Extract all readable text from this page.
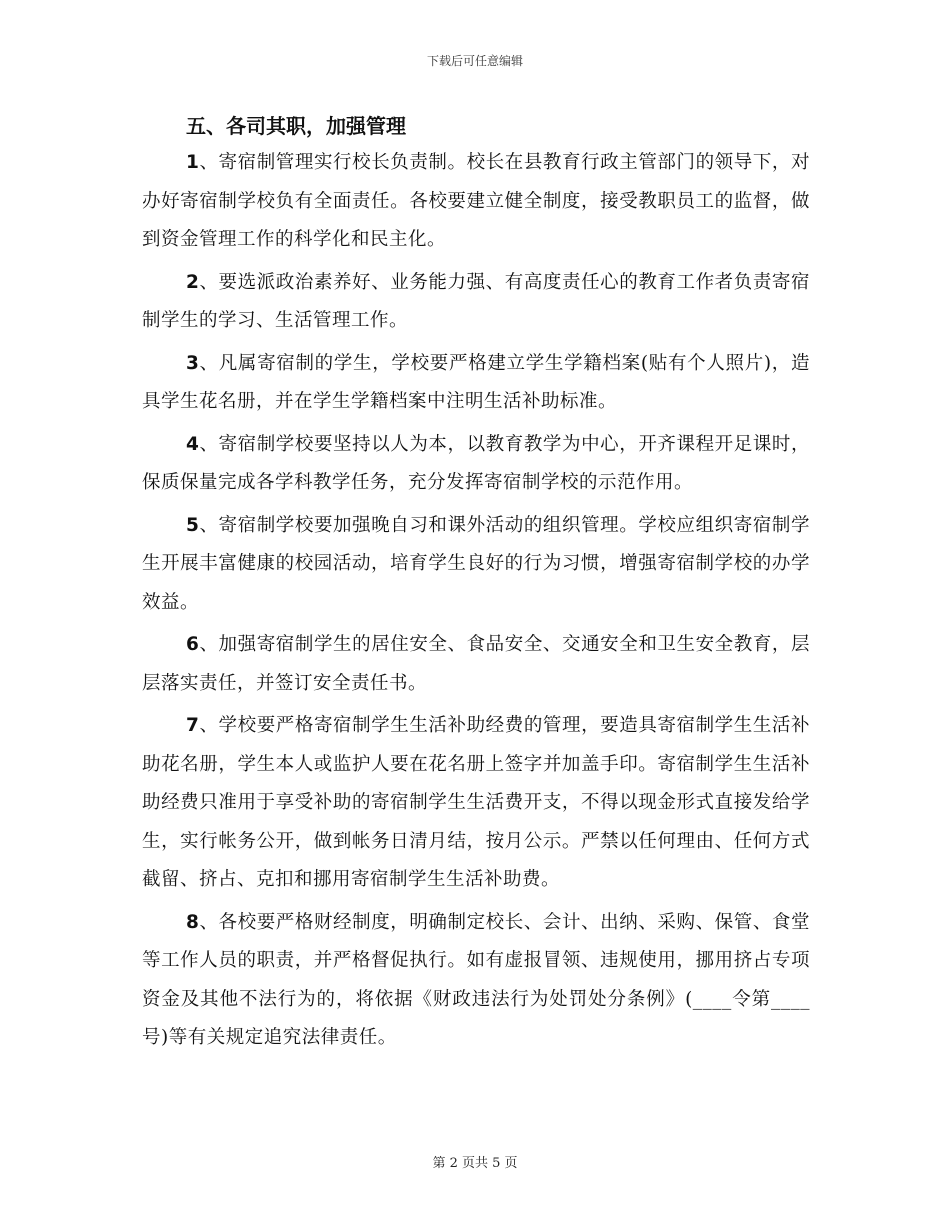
下载后可任意编辑
五、各司其职，加强管理

1、寄宿制管理实行校长负责制。校长在县教育行政主管部门的领导下，对办好寄宿制学校负有全面责任。各校要建立健全制度，接受教职员工的监督，做到资金管理工作的科学化和民主化。

2、要选派政治素养好、业务能力强、有高度责任心的教育工作者负责寄宿制学生的学习、生活管理工作。

3、凡属寄宿制的学生，学校要严格建立学生学籍档案(贴有个人照片)，造具学生花名册，并在学生学籍档案中注明生活补助标准。

4、寄宿制学校要坚持以人为本，以教育教学为中心，开齐课程开足课时，保质保量完成各学科教学任务，充分发挥寄宿制学校的示范作用。

5、寄宿制学校要加强晚自习和课外活动的组织管理。学校应组织寄宿制学生开展丰富健康的校园活动，培育学生良好的行为习惯，增强寄宿制学校的办学效益。

6、加强寄宿制学生的居住安全、食品安全、交通安全和卫生安全教育，层层落实责任，并签订安全责任书。

7、学校要严格寄宿制学生生活补助经费的管理，要造具寄宿制学生生活补助花名册，学生本人或监护人要在花名册上签字并加盖手印。寄宿制学生生活补助经费只准用于享受补助的寄宿制学生生活费开支，不得以现金形式直接发给学生，实行帐务公开，做到帐务日清月结，按月公示。严禁以任何理由、任何方式截留、挤占、克扣和挪用寄宿制学生生活补助费。

8、各校要严格财经制度，明确制定校长、会计、出纳、采购、保管、食堂等工作人员的职责，并严格督促执行。如有虚报冒领、违规使用，挪用挤占专项资金及其他不法行为的，将依据《财政违法行为处罚处分条例》(____令第____号)等有关规定追究法律责任。

第 2 页共 5 页
